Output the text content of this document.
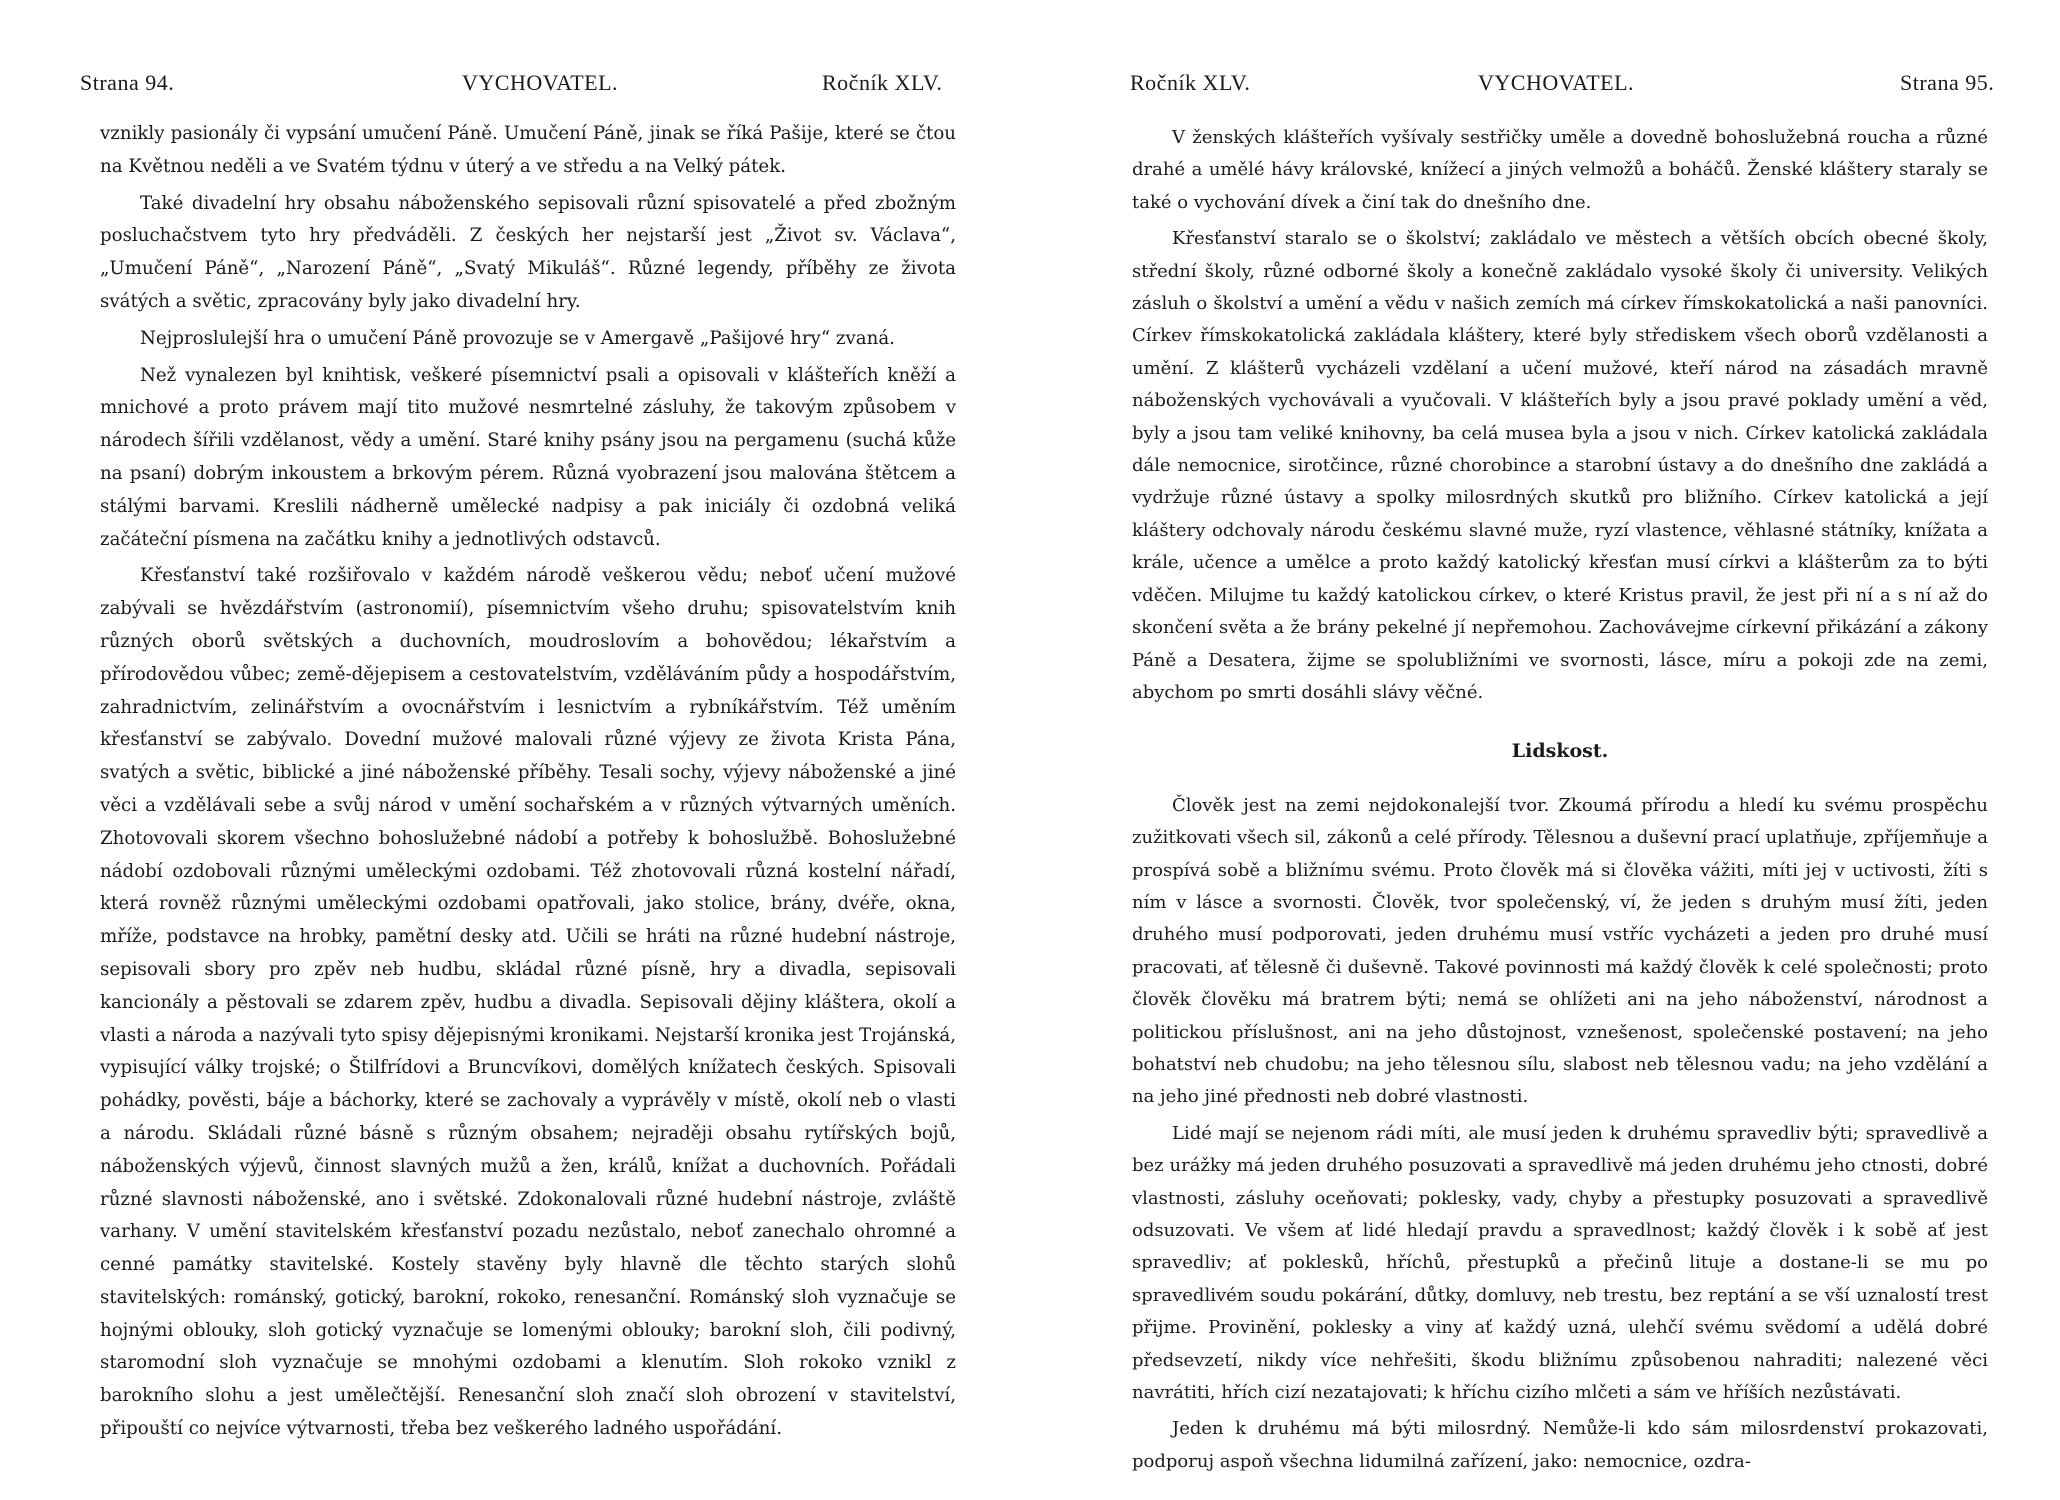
Strana 94.	VYCHOVATEL.	Ročník XLV.

vznikly pasionály či vypsání umučení Páně. Umučení Páně, jinak se říká Pašije, které se čtou na Květnou neděli a ve Svatém týdnu v úterý a ve středu a na Velký pátek.

Také divadelní hry obsahu náboženského sepisovali různí spisovatelé a před zbožným posluchačstvem tyto hry předváděli. Z českých her nejstarší jest „Život sv. Václava“, „Umučení Páně“, „Narození Páně“, „Svatý Mikuláš“. Různé legendy, příběhy ze života svátých a světic, zpracovány byly jako divadelní hry.

Nejproslulejší hra o umučení Páně provozuje se v Amergavě „Pašijové hry“ zvaná.

Než vynalezen byl knihtisk, veškeré písemnictví psali a opisovali v klášteřích kněží a mnichové a proto právem mají tito mužové nesmrtelné zásluhy, že takovým způsobem v národech šířili vzdělanost, vědy a umění. Staré knihy psány jsou na pergamenu (suchá kůže na psaní) dobrým inkoustem a brkovým pérem. Různá vyobrazení jsou malována štětcem a stálými barvami. Kreslili nádherně umělecké nadpisy a pak iniciály či ozdobná veliká začáteční písmena na začátku knihy a jednotlivých odstavců.

Křesťanství také rozšiřovalo v každém národě veškerou vědu; neboť učení mužové zabývali se hvězdářstvím (astronomií), písemnictvím všeho druhu; spisovatelstvím knih různých oborů světských a duchovních, moudroslovím a bohovědou; lékařstvím a přírodovědou vůbec; země-dějepisem a cestovatelstvím, vzděláváním půdy a hospodářstvím, zahradnictvím, zelinářstvím a ovocnářstvím i lesnictvím a rybníkářstvím. Též uměním křesťanství se zabývalo. Dovední mužové malovali různé výjevy ze života Krista Pána, svatých a světic, biblické a jiné náboženské příběhy. Tesali sochy, výjevy náboženské a jiné věci a vzdělávali sebe a svůj národ v umění sochařském a v různých výtvarných uměních. Zhotovovali skorem všechno bohoslužebné nádobí a potřeby k bohoslužbě. Bohoslužebné nádobí ozdobovali různými uměleckými ozdobami. Též zhotovovali různá kostelní nářadí, která rovněž různými uměleckými ozdobami opatřovali, jako stolice, brány, dvéře, okna, mříže, podstavce na hrobky, pamětní desky atd. Učili se hráti na různé hudební nástroje, sepisovali sbory pro zpěv neb hudbu, skládal různé písně, hry a divadla, sepisovali kancionály a pěstovali se zdarem zpěv, hudbu a divadla. Sepisovali dějiny kláštera, okolí a vlasti a národa a nazývali tyto spisy dějepisnými kronikami. Nejstarší kronika jest Trojánská, vypisující války trojské; o Štilfrídovi a Bruncvíkovi, domělých knížatech českých. Spisovali pohádky, pověsti, báje a báchorky, které se zachovaly a vyprávěly v místě, okolí neb o vlasti a národu. Skládali různé básně s různým obsahem; nejraději obsahu rytířských bojů, náboženských výjevů, činnost slavných mužů a žen, králů, knížat a duchovních. Pořádali různé slavnosti náboženské, ano i světské. Zdokonalovali různé hudební nástroje, zvláště varhany. V umění stavitelském křesťanství pozadu nezůstalo, neboť zanechalo ohromné a cenné památky stavitelské. Kostely stavěny byly hlavně dle těchto starých slohů stavitelských: románský, gotický, barokní, rokoko, renesanční. Románský sloh vyznačuje se hojnými oblouky, sloh gotický vyznačuje se lomenými oblouky; barokní sloh, čili podivný, staromodní sloh vyznačuje se mnohými ozdobami a klenutím. Sloh rokoko vznikl z barokního slohu a jest umělečtější. Renesanční sloh značí sloh obrození v stavitelství, připouští co nejvíce výtvarnosti, třeba bez veškerého ladného uspořádání.

Ročník XLV.	VYCHOVATEL.	Strana 95.

V ženských klášteřích vyšívaly sestřičky uměle a dovedně bohoslužebná roucha a různé drahé a umělé hávy královské, knížecí a jiných velmožů a boháčů. Ženské kláštery staraly se také o vychování dívek a činí tak do dnešního dne.

Křesťanství staralo se o školství; zakládalo ve městech a větších obcích obecné školy, střední školy, různé odborné školy a konečně zakládalo vysoké školy či university. Velikých zásluh o školství a umění a vědu v našich zemích má církev římskokatolická a naši panovníci. Církev římskokatolická zakládala kláštery, které byly střediskem všech oborů vzdělanosti a umění. Z klášterů vycházeli vzdělaní a učení mužové, kteří národ na zásadách mravně náboženských vychovávali a vyučovali. V klášteřích byly a jsou pravé poklady umění a věd, byly a jsou tam veliké knihovny, ba celá musea byla a jsou v nich. Církev katolická zakládala dále nemocnice, sirotčince, různé chorobince a starobní ústavy a do dnešního dne zakládá a vydržuje různé ústavy a spolky milosrdných skutků pro bližního. Církev katolická a její kláštery odchovaly národu českému slavné muže, ryzí vlastence, věhlasné státníky, knížata a krále, učence a umělce a proto každý katolický křesťan musí církvi a klášterům za to býti vděčen. Milujme tu každý katolickou církev, o které Kristus pravil, že jest při ní a s ní až do skončení světa a že brány pekelné jí nepřemohou. Zachovávejme církevní přikázání a zákony Páně a Desatera, žijme se spolubližními ve svornosti, lásce, míru a pokoji zde na zemi, abychom po smrti dosáhli slávy věčné.

Lidskost.

Člověk jest na zemi nejdokonalejší tvor. Zkoumá přírodu a hledí ku svému prospěchu zužitkovati všech sil, zákonů a celé přírody. Tělesnou a duševní prací uplatňuje, zpříjemňuje a prospívá sobě a bližnímu svému. Proto člověk má si člověka vážiti, míti jej v uctivosti, žíti s ním v lásce a svornosti. Člověk, tvor společenský, ví, že jeden s druhým musí žíti, jeden druhého musí podporovati, jeden druhému musí vstříc vycházeti a jeden pro druhé musí pracovati, ať tělesně či duševně. Takové povinnosti má každý člověk k celé společnosti; proto člověk člověku má bratrem býti; nemá se ohlížeti ani na jeho náboženství, národnost a politickou příslušnost, ani na jeho důstojnost, vznešenost, společenské postavení; na jeho bohatství neb chudobu; na jeho tělesnou sílu, slabost neb tělesnou vadu; na jeho vzdělání a na jeho jiné přednosti neb dobré vlastnosti.

Lidé mají se nejenom rádi míti, ale musí jeden k druhému spravedliv býti; spravedlivě a bez urážky má jeden druhého posuzovati a spravedlivě má jeden druhému jeho ctnosti, dobré vlastnosti, zásluhy oceňovati; poklesky, vady, chyby a přestupky posuzovati a spravedlivě odsuzovati. Ve všem ať lidé hledají pravdu a spravedlnost; každý člověk i k sobě ať jest spravedliv; ať poklesků, hříchů, přestupků a přečinů lituje a dostane-li se mu po spravedlivém soudu pokárání, důtky, domluvy, neb trestu, bez reptání a se vší uznalostí trest přijme. Provinění, poklesky a viny ať každý uzná, ulehčí svému svědomí a udělá dobré předsevzetí, nikdy více nehřešiti, škodu bližnímu způsobenou nahraditi; nalezené věci navrátiti, hřích cizí nezatajovati; k hříchu cizího mlčeti a sám ve hříších nezůstávati.

Jeden k druhému má býti milosrdný. Nemůže-li kdo sám milosrdenství prokazovati, podporuj aspoň všechna lidumilná zařízení, jako: nemocnice, ozdra-
